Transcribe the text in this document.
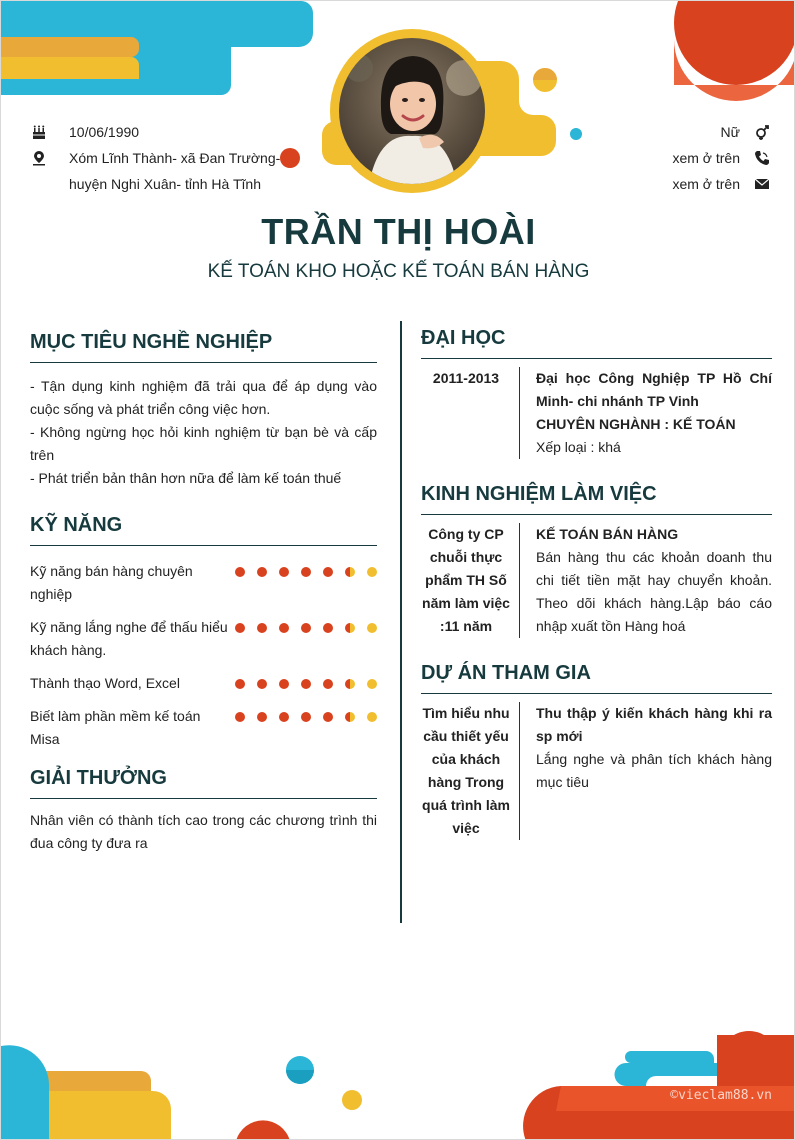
10/06/1990
Xóm Lĩnh Thành- xã Đan Trường-
huyện Nghi Xuân- tỉnh Hà Tĩnh
Nữ
xem ở trên
xem ở trên
TRẦN THỊ HOÀI
KẾ TOÁN KHO HOẶC KẾ TOÁN BÁN HÀNG
MỤC TIÊU NGHỀ NGHIỆP
- Tận dụng kinh nghiệm đã trải qua để áp dụng vào cuộc sống và phát triển công việc hơn.
- Không ngừng học hỏi kinh nghiệm từ bạn bè và cấp trên
- Phát triển bản thân hơn nữa để làm kế toán thuế
KỸ NĂNG
Kỹ năng bán hàng chuyên nghiệp
Kỹ năng lắng nghe để thấu hiểu khách hàng.
Thành thạo Word, Excel
Biết làm phần mềm kế toán Misa
GIẢI THƯỞNG
Nhân viên có thành tích cao trong các chương trình thi đua công ty đưa ra
ĐẠI HỌC
2011-2013	Đại học Công Nghiệp TP Hồ Chí Minh- chi nhánh TP Vinh
CHUYÊN NGHÀNH : KẾ TOÁN
Xếp loại : khá
KINH NGHIỆM LÀM VIỆC
Công ty CP chuỗi thực phẩm TH Số năm làm việc :11 năm
KẾ TOÁN BÁN HÀNG
Bán hàng thu các khoản doanh thu chi tiết tiền mặt hay chuyển khoản. Theo dõi khách hàng.Lập báo cáo nhập xuất tồn Hàng hoá
DỰ ÁN THAM GIA
Tìm hiểu nhu cầu thiết yếu của khách hàng Trong quá trình làm việc
Thu thập ý kiến khách hàng khi ra sp mới
Lắng nghe và phân tích khách hàng mục tiêu
©vieclam88.vn
